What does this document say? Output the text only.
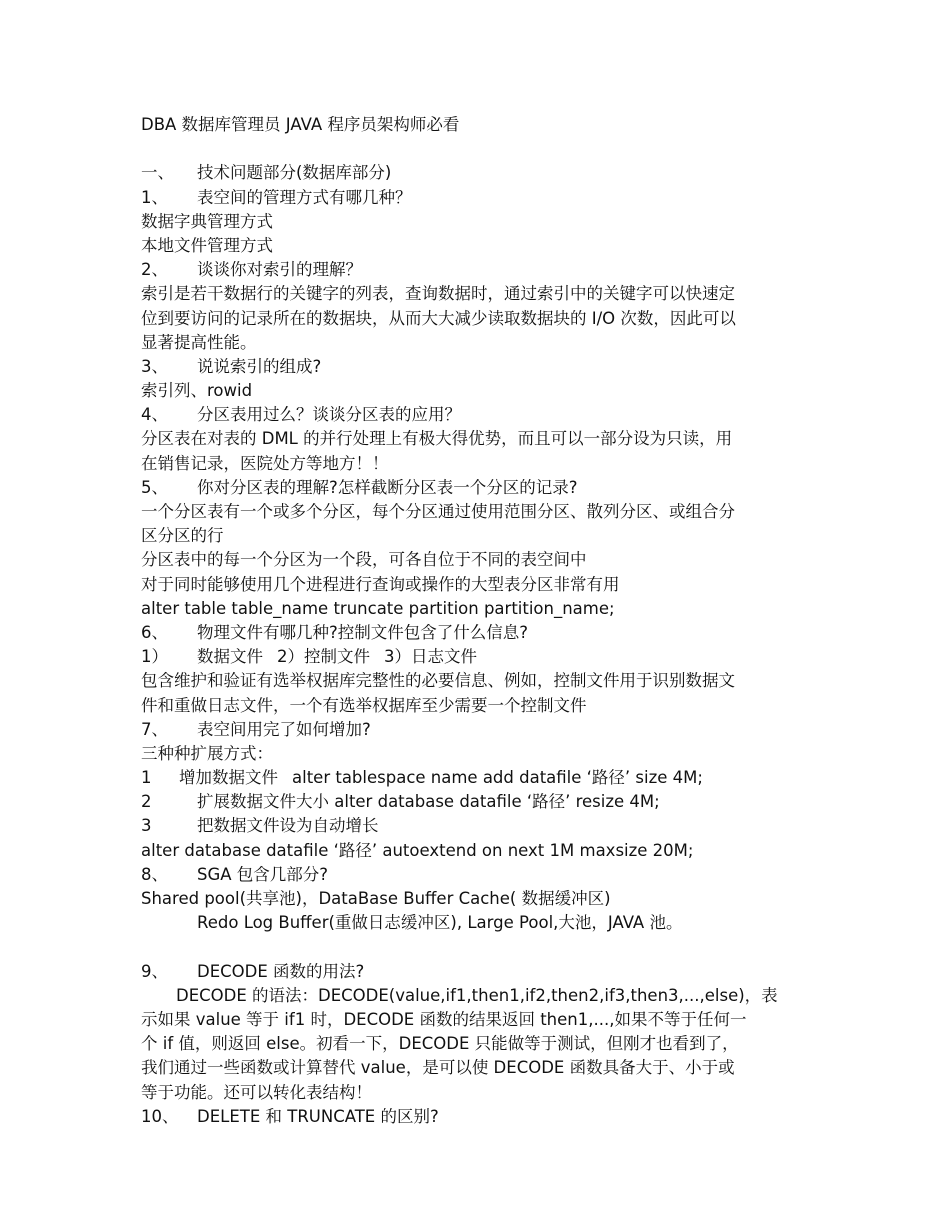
DBA 数据库管理员 JAVA 程序员架构师必看
一、 技术问题部分(数据库部分)
1、 表空间的管理方式有哪几种？
数据字典管理方式
本地文件管理方式
2、 谈谈你对索引的理解？
索引是若干数据行的关键字的列表，查询数据时，通过索引中的关键字可以快速定
位到要访问的记录所在的数据块，从而大大减少读取数据块的 I/O 次数，因此可以
显著提高性能。
3、 说说索引的组成?
索引列、rowid
4、 分区表用过么？谈谈分区表的应用？
分区表在对表的 DML 的并行处理上有极大得优势，而且可以一部分设为只读，用
在销售记录，医院处方等地方！！
5、 你对分区表的理解?怎样截断分区表一个分区的记录?
一个分区表有一个或多个分区，每个分区通过使用范围分区、散列分区、或组合分
区分区的行
分区表中的每一个分区为一个段，可各自位于不同的表空间中
对于同时能够使用几个进程进行查询或操作的大型表分区非常有用
alter table table_name truncate partition partition_name;
6、 物理文件有哪几种?控制文件包含了什么信息?
1） 数据文件 2）控制文件 3）日志文件
包含维护和验证有选举权据库完整性的必要信息、例如，控制文件用于识别数据文
件和重做日志文件，一个有选举权据库至少需要一个控制文件
7、 表空间用完了如何增加?
三种种扩展方式：
1 增加数据文件 alter tablespace name add datafile ‘路径’ size 4M;
2	扩展数据文件大小 alter database datafile ‘路径’ resize 4M;
3	把数据文件设为自动增长
alter database datafile ‘路径’ autoextend on next 1M maxsize 20M;
8、 SGA 包含几部分?
Shared pool(共享池)，DataBase Buffer Cache( 数据缓冲区)
Redo Log Buffer(重做日志缓冲区), Large Pool,大池，JAVA 池。
9、 DECODE 函数的用法?
DECODE 的语法：DECODE(value,if1,then1,if2,then2,if3,then3,...,else)，表
示如果 value 等于 if1 时，DECODE 函数的结果返回 then1,...,如果不等于任何一
个 if 值，则返回 else。初看一下，DECODE 只能做等于测试，但刚才也看到了，
我们通过一些函数或计算替代 value，是可以使 DECODE 函数具备大于、小于或
等于功能。还可以转化表结构！
10、 DELETE 和 TRUNCATE 的区别?
